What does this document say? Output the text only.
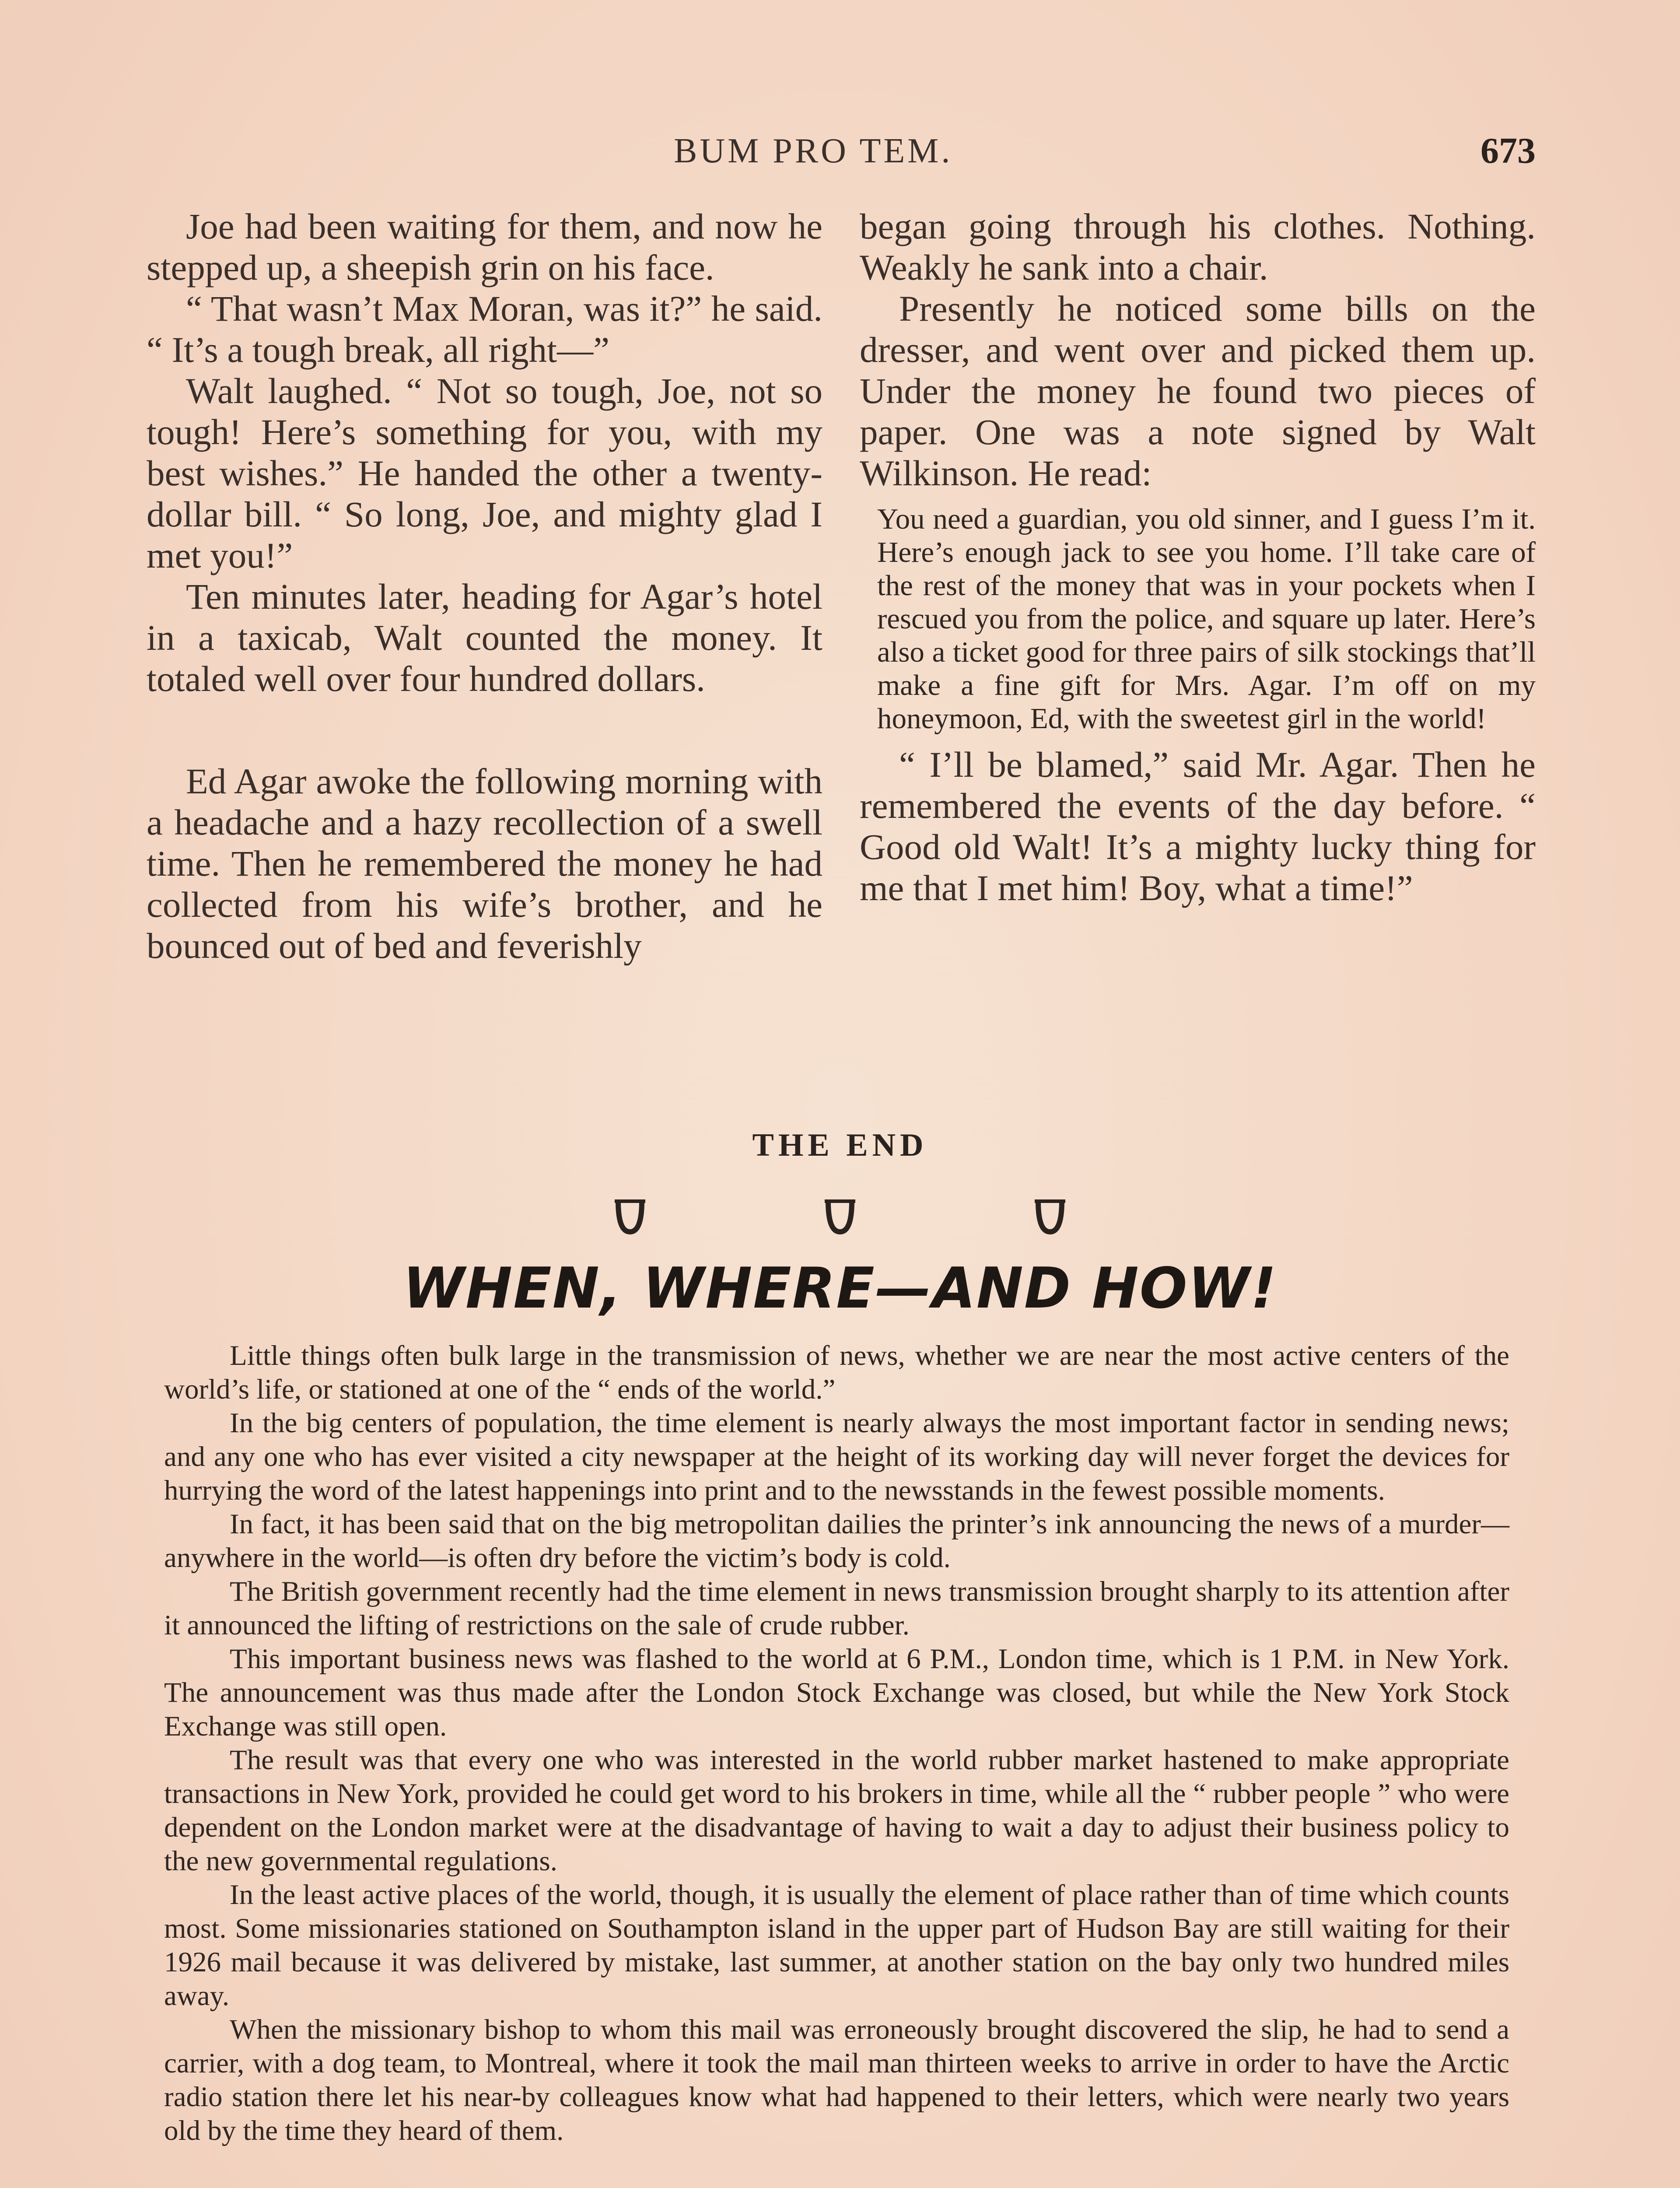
BUM PRO TEM.	673

Joe had been waiting for them, and now he stepped up, a sheepish grin on his face.

“ That wasn’t Max Moran, was it?” he said. “ It’s a tough break, all right—”

Walt laughed. “ Not so tough, Joe, not so tough! Here’s something for you, with my best wishes.” He handed the other a twenty-dollar bill. “ So long, Joe, and mighty glad I met you!”

Ten minutes later, heading for Agar’s hotel in a taxicab, Walt counted the money. It totaled well over four hundred dollars.

Ed Agar awoke the following morning with a headache and a hazy recollection of a swell time. Then he remembered the money he had collected from his wife’s brother, and he bounced out of bed and feverishly

began going through his clothes. Nothing. Weakly he sank into a chair.

Presently he noticed some bills on the dresser, and went over and picked them up. Under the money he found two pieces of paper. One was a note signed by Walt Wilkinson. He read:

You need a guardian, you old sinner, and I guess I’m it. Here’s enough jack to see you home. I’ll take care of the rest of the money that was in your pockets when I rescued you from the police, and square up later. Here’s also a ticket good for three pairs of silk stockings that’ll make a fine gift for Mrs. Agar. I’m off on my honeymoon, Ed, with the sweetest girl in the world!

“ I’ll be blamed,” said Mr. Agar. Then he remembered the events of the day before. “ Good old Walt! It’s a mighty lucky thing for me that I met him! Boy, what a time!”

THE END
WHEN, WHERE—AND HOW!

Little things often bulk large in the transmission of news, whether we are near the most active centers of the world’s life, or stationed at one of the “ ends of the world.”

In the big centers of population, the time element is nearly always the most important factor in sending news; and any one who has ever visited a city newspaper at the height of its working day will never forget the devices for hurrying the word of the latest happenings into print and to the newsstands in the fewest possible moments.

In fact, it has been said that on the big metropolitan dailies the printer’s ink announcing the news of a murder—anywhere in the world—is often dry before the victim’s body is cold.

The British government recently had the time element in news transmission brought sharply to its attention after it announced the lifting of restrictions on the sale of crude rubber.

This important business news was flashed to the world at 6 P.M., London time, which is 1 P.M. in New York. The announcement was thus made after the London Stock Exchange was closed, but while the New York Stock Exchange was still open.

The result was that every one who was interested in the world rubber market hastened to make appropriate transactions in New York, provided he could get word to his brokers in time, while all the “ rubber people ” who were dependent on the London market were at the disadvantage of having to wait a day to adjust their business policy to the new governmental regulations.

In the least active places of the world, though, it is usually the element of place rather than of time which counts most. Some missionaries stationed on Southampton island in the upper part of Hudson Bay are still waiting for their 1926 mail because it was delivered by mistake, last summer, at another station on the bay only two hundred miles away.

When the missionary bishop to whom this mail was erroneously brought discovered the slip, he had to send a carrier, with a dog team, to Montreal, where it took the mail man thirteen weeks to arrive in order to have the Arctic radio station there let his near-by colleagues know what had happened to their letters, which were nearly two years old by the time they heard of them.
